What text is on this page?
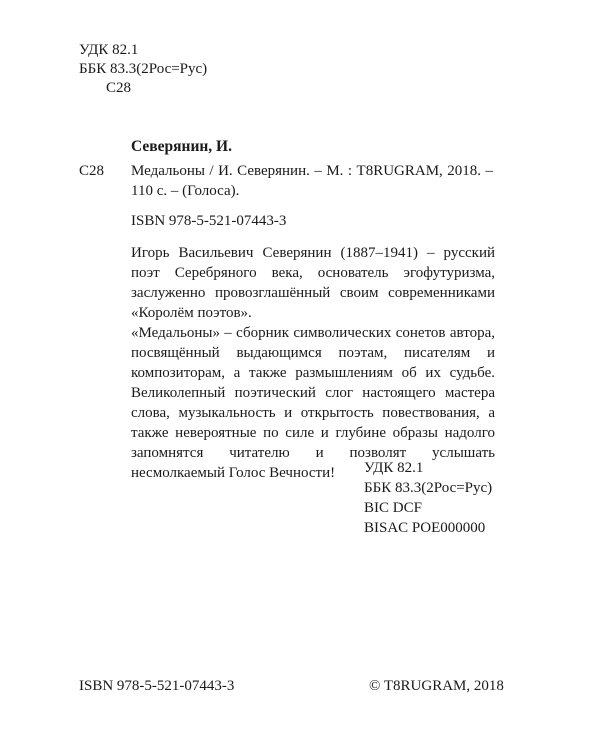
УДК 82.1
ББК 83.3(2Рос=Рус)
С28
Северянин, И.
С28 Медальоны / И. Северянин. – М. : T8RUGRAM, 2018. – 110 с. – (Голоса).
ISBN 978-5-521-07443-3

Игорь Васильевич Северянин (1887–1941) – русский поэт Серебряного века, основатель эгофутуризма, заслуженно провозглашённый своим современниками «Королём поэтов».

«Медальоны» – сборник символических сонетов автора, посвящённый выдающимся поэтам, писателям и композиторам, а также размышлениям об их судьбе. Великолепный поэтический слог настоящего мастера слова, музыкальность и открытость повествования, а также невероятные по силе и глубине образы надолго запомнятся читателю и позволят услышать несмолкаемый Голос Вечности!	УДК 82.1
ББК 83.3(2Рос=Рус)
BIC DCF
BISAC POE000000
ISBN 978-5-521-07443-3	© T8RUGRAM, 2018
